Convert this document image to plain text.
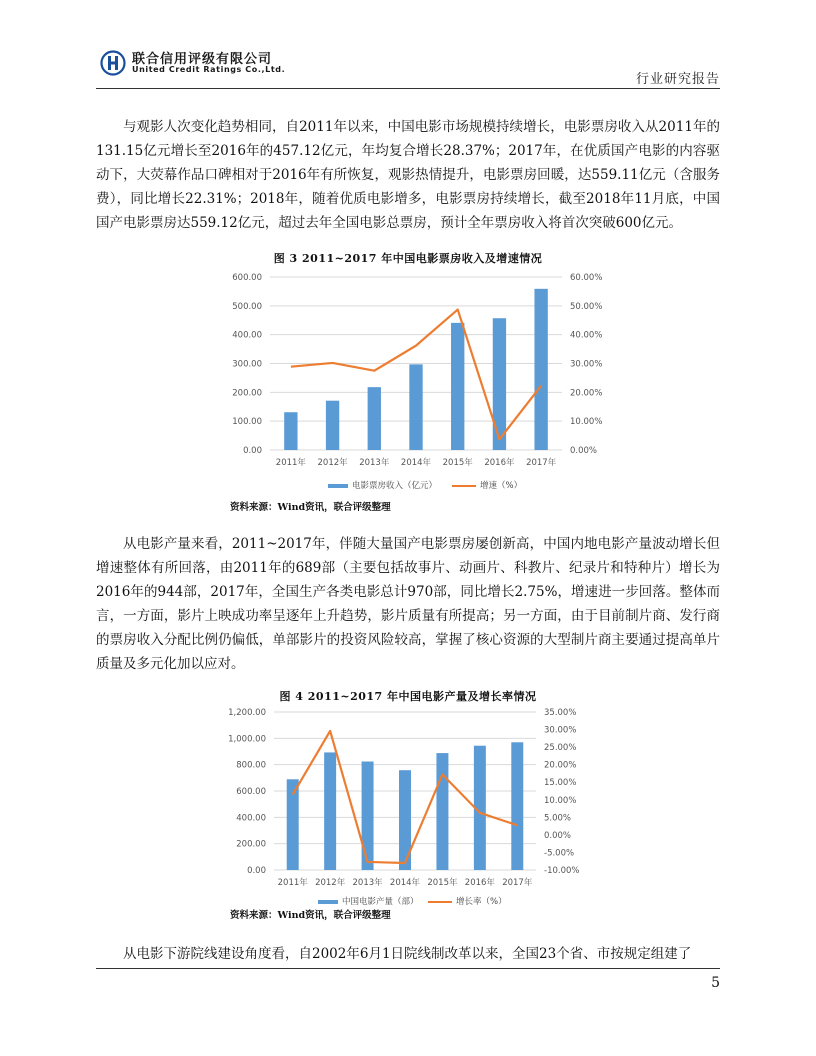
联合信用评级有限公司
United Credit Ratings Co.,Ltd.
行业研究报告

与观影人次变化趋势相同，自2011年以来，中国电影市场规模持续增长，电影票房收入从2011年的131.15亿元增长至2016年的457.12亿元，年均复合增长28.37%；2017年，在优质国产电影的内容驱动下，大荧幕作品口碑相对于2016年有所恢复，观影热情提升，电影票房回暖，达559.11亿元（含服务费），同比增长22.31%；2018年，随着优质电影增多，电影票房持续增长，截至2018年11月底，中国国产电影票房达559.12亿元，超过去年全国电影总票房，预计全年票房收入将首次突破600亿元。

图 3 2011~2017 年中国电影票房收入及增速情况
0.00
100.00
200.00
300.00
400.00
500.00
600.00
0.00%
10.00%
20.00%
30.00%
40.00%
50.00%
60.00%
2011年 2012年 2013年 2014年 2015年 2016年 2017年
电影票房收入（亿元）	增速（%）
资料来源：Wind资讯，联合评级整理

从电影产量来看，2011~2017年，伴随大量国产电影票房屡创新高，中国内地电影产量波动增长但增速整体有所回落，由2011年的689部（主要包括故事片、动画片、科教片、纪录片和特种片）增长为2016年的944部，2017年，全国生产各类电影总计970部，同比增长2.75%，增速进一步回落。整体而言，一方面，影片上映成功率呈逐年上升趋势，影片质量有所提高；另一方面，由于目前制片商、发行商的票房收入分配比例仍偏低，单部影片的投资风险较高，掌握了核心资源的大型制片商主要通过提高单片质量及多元化加以应对。

图 4 2011~2017 年中国电影产量及增长率情况
0.00
200.00
400.00
600.00
800.00
1,000.00
1,200.00
-10.00%
-5.00%
0.00%
5.00%
10.00%
15.00%
20.00%
25.00%
30.00%
35.00%
2011年 2012年 2013年 2014年 2015年 2016年 2017年
中国电影产量（部）	增长率（%）
资料来源：Wind资讯，联合评级整理

从电影下游院线建设角度看，自2002年6月1日院线制改革以来，全国23个省、市按规定组建了

5
